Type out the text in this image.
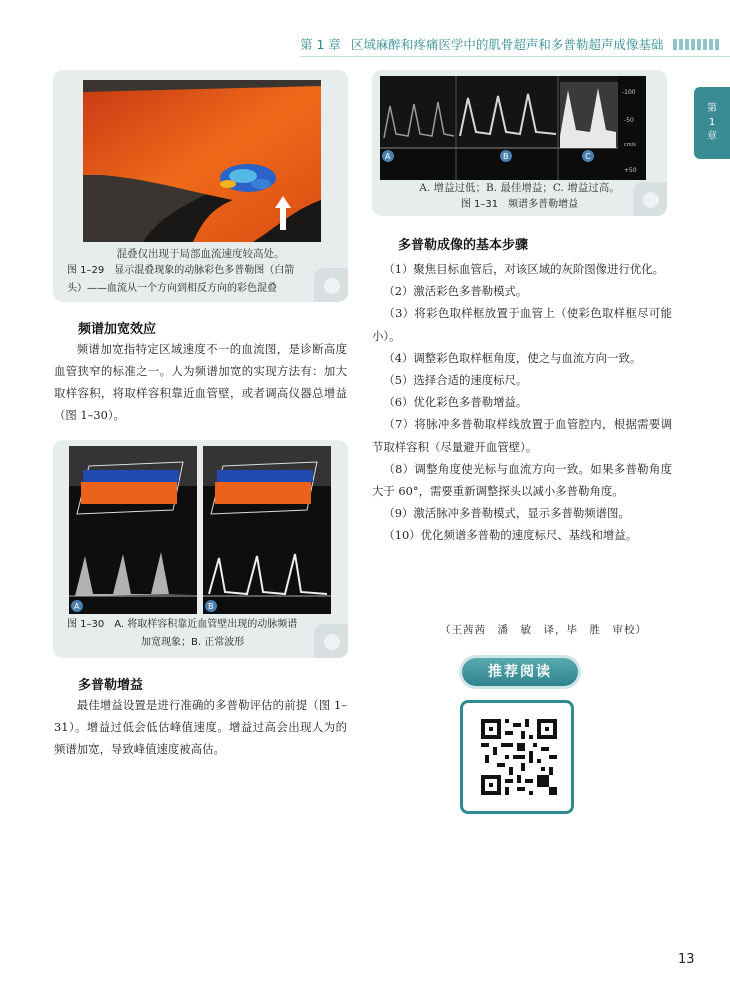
第 1 章 区域麻醉和疼痛医学中的肌骨超声和多普勒超声成像基础
第
1
章
混叠仅出现于局部血流速度较高处。
图 1–29　显示混叠现象的动脉彩色多普勒图（白箭
头）——血流从一个方向到相反方向的彩色混叠
-100
-50
cm/s
+50
A	B	C
A. 增益过低；B. 最佳增益；C. 增益过高。
图 1–31　频谱多普勒增益
频谱加宽效应

频谱加宽指特定区域速度不一的血流图，是诊断高度血管狭窄的标准之一。人为频谱加宽的实现方法有：加大取样容积，将取样容积靠近血管壁，或者调高仪器总增益（图 1–30）。

A	B
图 1–30　A. 将取样容积靠近血管壁出现的动脉频谱
加宽现象；B. 正常波形
多普勒增益

最佳增益设置是进行准确的多普勒评估的前提（图 1–31）。增益过低会低估峰值速度。增益过高会出现人为的频谱加宽，导致峰值速度被高估。

多普勒成像的基本步骤

（1）聚焦目标血管后，对该区域的灰阶图像进行优化。

（2）激活彩色多普勒模式。

（3）将彩色取样框放置于血管上（使彩色取样框尽可能小）。

（4）调整彩色取样框角度，使之与血流方向一致。

（5）选择合适的速度标尺。

（6）优化彩色多普勒增益。

（7）将脉冲多普勒取样线放置于血管腔内，根据需要调节取样容积（尽量避开血管壁）。

（8）调整角度使光标与血流方向一致。如果多普勒角度大于 60°，需要重新调整探头以减小多普勒角度。

（9）激活脉冲多普勒模式，显示多普勒频谱图。

（10）优化频谱多普勒的速度标尺、基线和增益。

（王茜茜　潘　敏　译，毕　胜　审校）
推荐阅读
13
